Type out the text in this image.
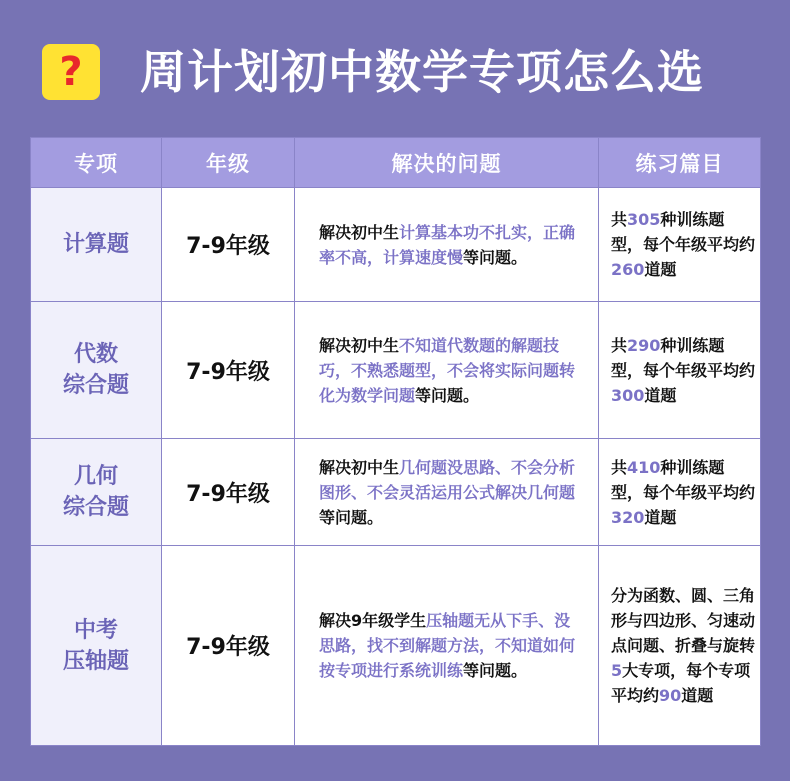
? 周计划初中数学专项怎么选
专项	年级	解决的问题	练习篇目

计算题	7-9年级	解决初中生计算基本功不扎实，正确率不高，计算速度慢等问题。	共305种训练题型，每个年级平均约260道题

代数
综合题	7-9年级	解决初中生不知道代数题的解题技巧，不熟悉题型，不会将实际问题转化为数学问题等问题。	共290种训练题型，每个年级平均约300道题

几何
综合题	7-9年级	解决初中生几何题没思路、不会分析图形、不会灵活运用公式解决几何题等问题。	共410种训练题型，每个年级平均约320道题

中考
压轴题	7-9年级	解决9年级学生压轴题无从下手、没思路，找不到解题方法，不知道如何按专项进行系统训练等问题。	分为函数、圆、三角形与四边形、匀速动点问题、折叠与旋转5大专项，每个专项平均约90道题
